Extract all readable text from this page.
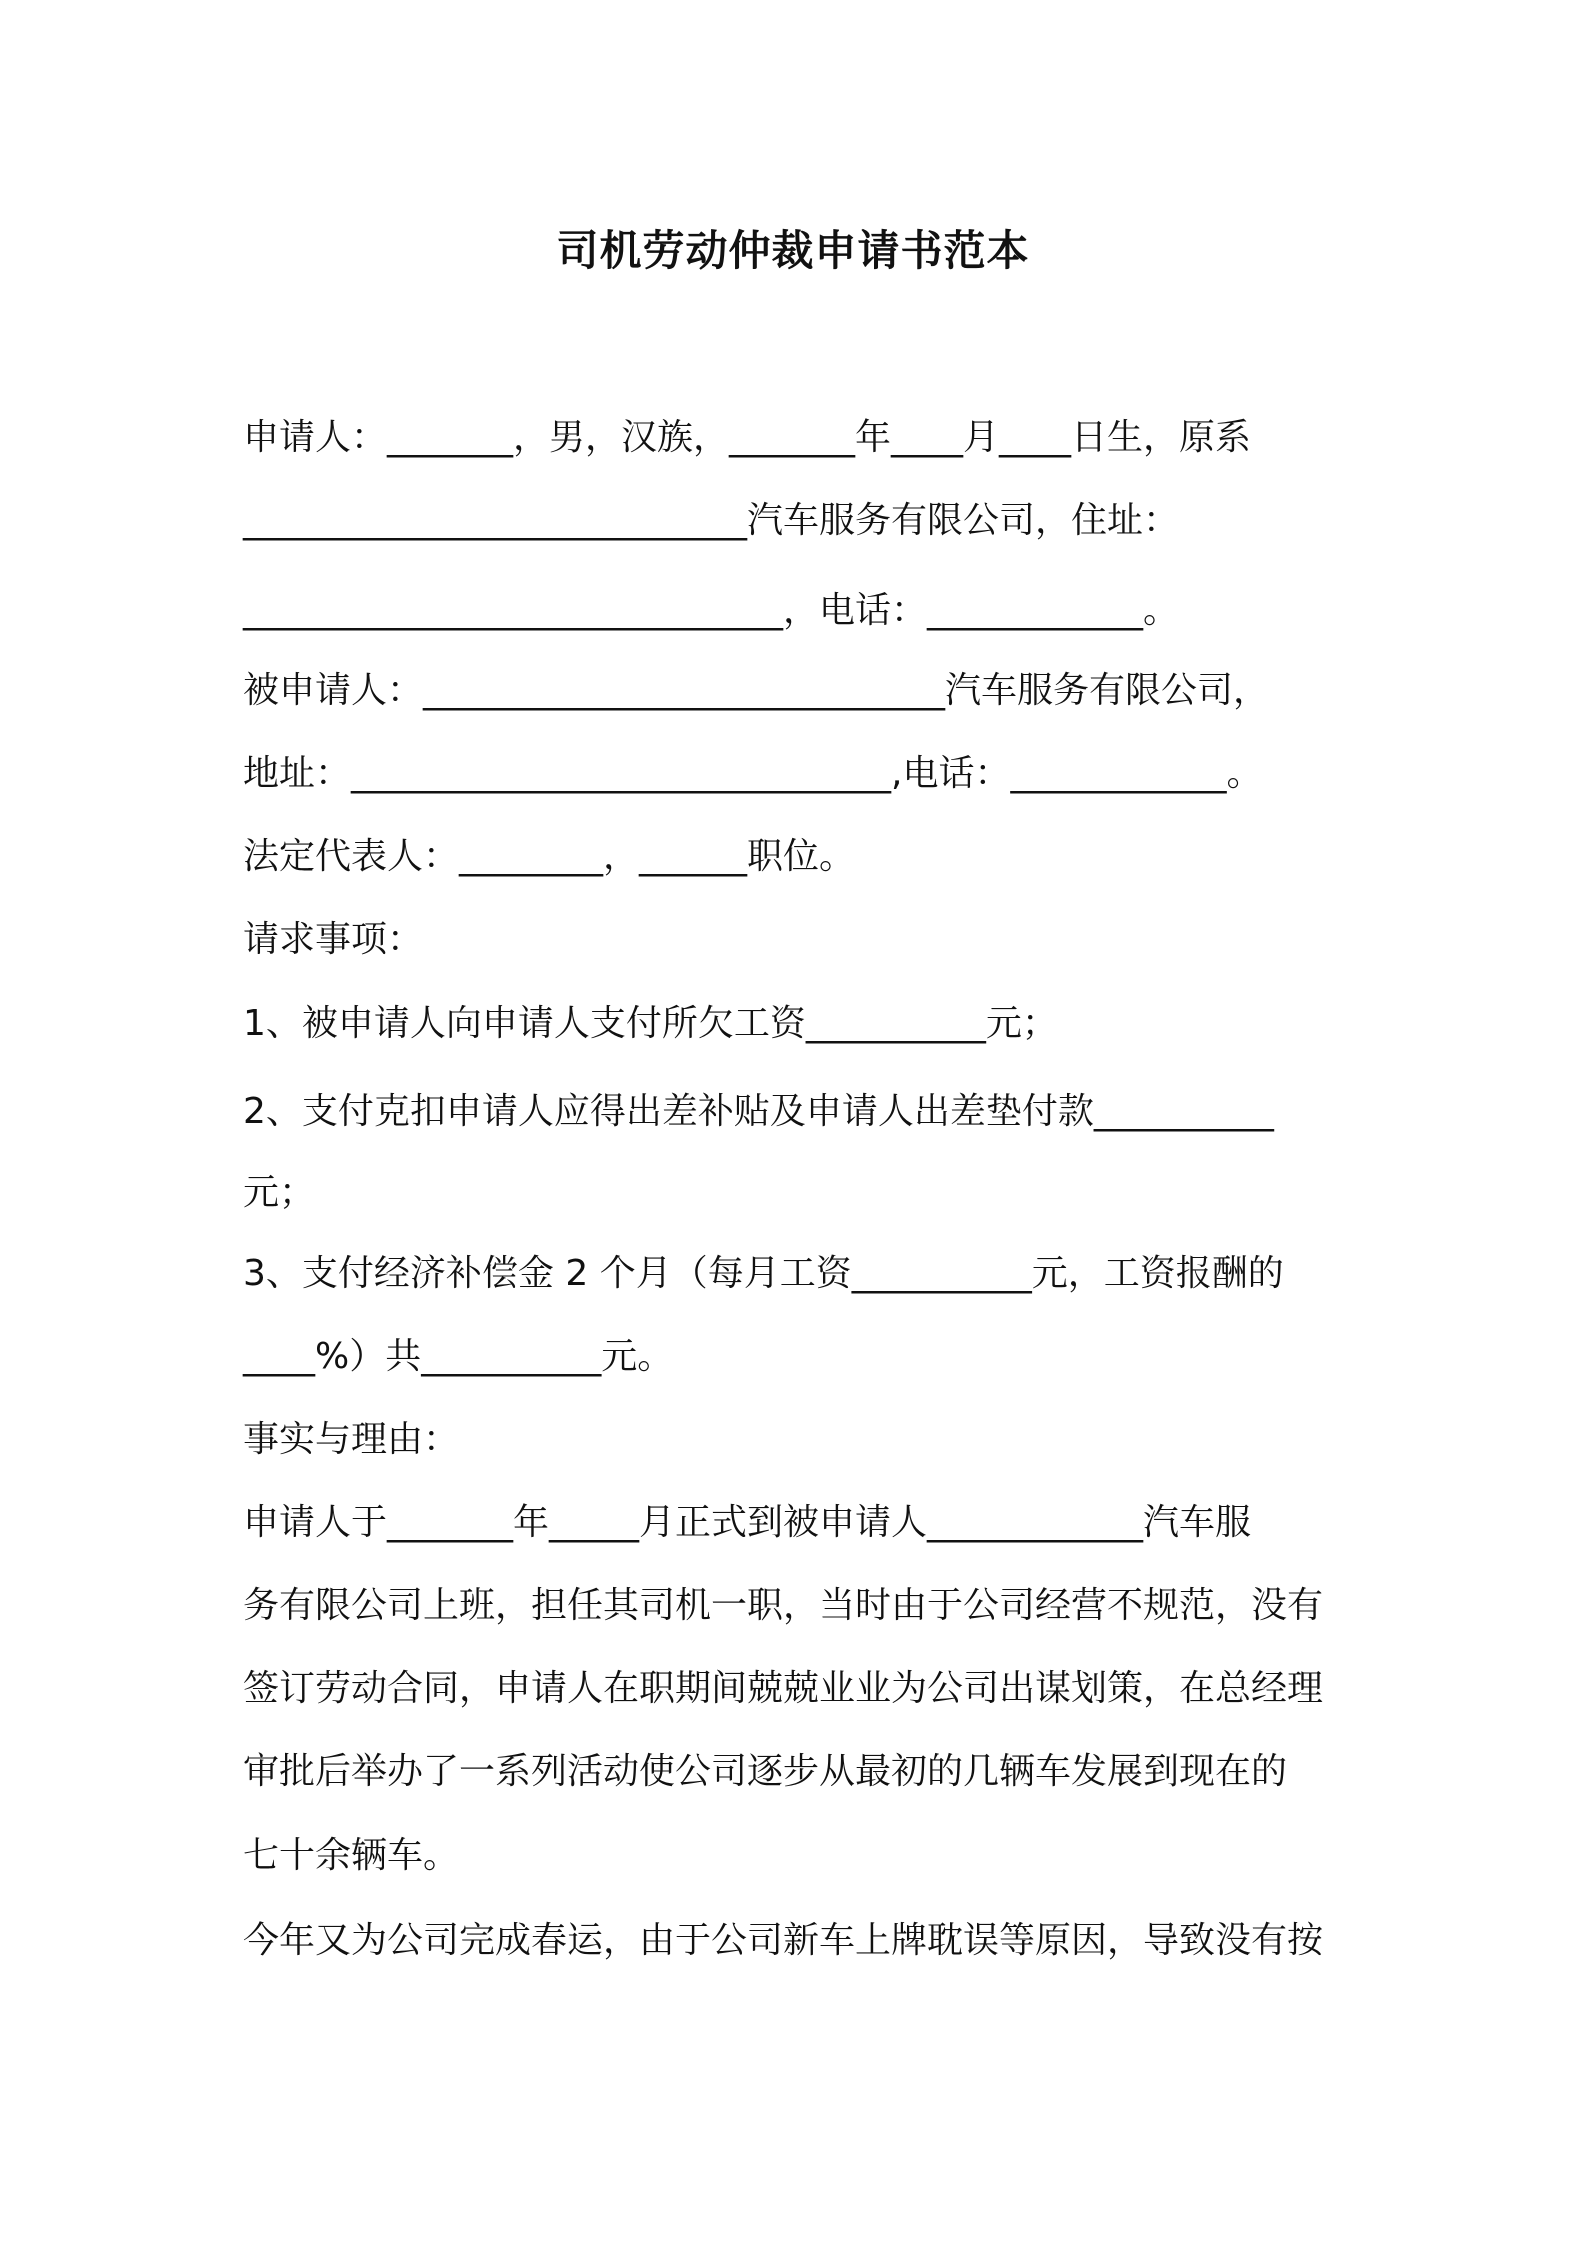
司机劳动仲裁申请书范本
申请人：_______，男，汉族，_______年____月____日生，原系
____________________________汽车服务有限公司，住址：
______________________________，电话：____________。
被申请人：_____________________________汽车服务有限公司，
地址：______________________________,电话：____________。
法定代表人：________，______职位。
请求事项：
1、被申请人向申请人支付所欠工资__________元；
2、支付克扣申请人应得出差补贴及申请人出差垫付款__________
元；
3、支付经济补偿金 2 个月（每月工资__________元，工资报酬的
____%）共__________元。
事实与理由：
申请人于_______年_____月正式到被申请人____________汽车服
务有限公司上班，担任其司机一职，当时由于公司经营不规范，没有
签订劳动合同，申请人在职期间兢兢业业为公司出谋划策，在总经理
审批后举办了一系列活动使公司逐步从最初的几辆车发展到现在的
七十余辆车。
今年又为公司完成春运，由于公司新车上牌耽误等原因，导致没有按
